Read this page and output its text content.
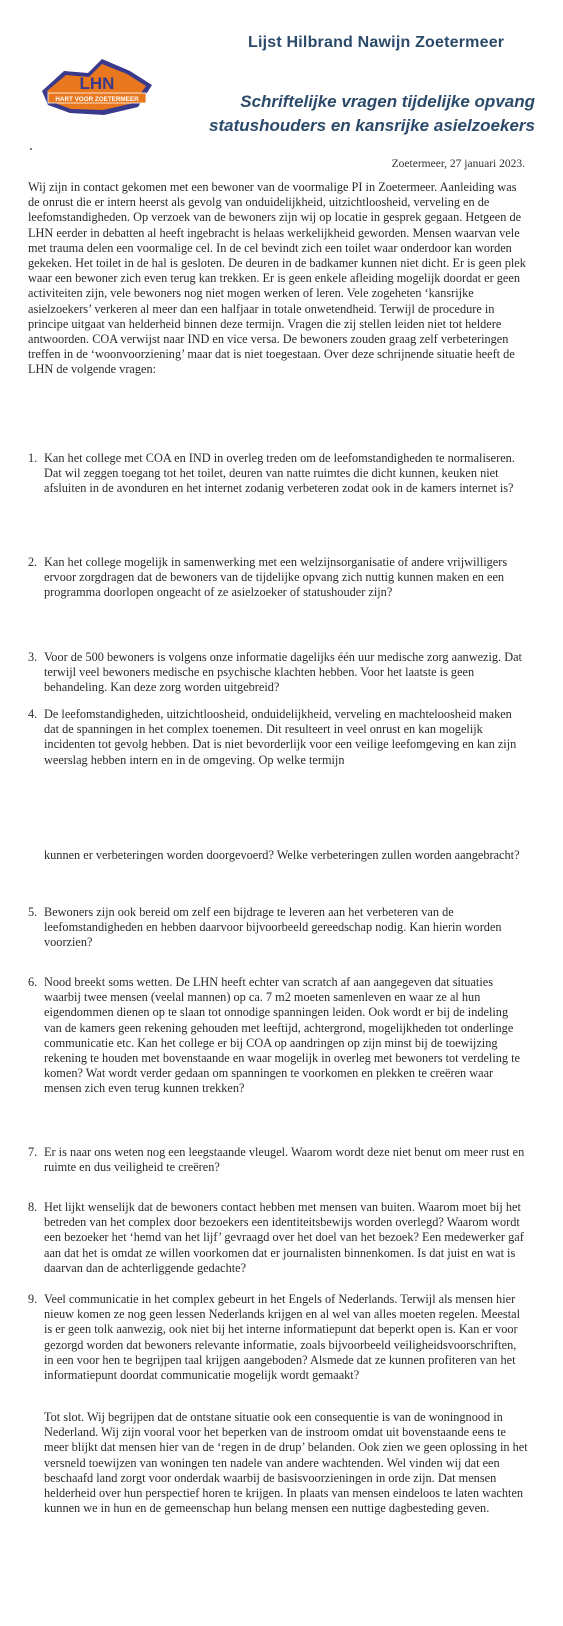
Lijst Hilbrand Nawijn Zoetermeer
LHN
HART VOOR ZOETERMEER	Schriftelijke vragen tijdelijke opvang
statushouders en kansrijke asielzoekers
Zoetermeer, 27 januari 2023.
Wij zijn in contact gekomen met een bewoner van de voormalige PI in Zoetermeer. Aanleiding was de onrust die er intern heerst als gevolg van onduidelijkheid, uitzichtloosheid, verveling en de leefomstandigheden. Op verzoek van de bewoners zijn wij op locatie in gesprek gegaan. Hetgeen de LHN eerder in debatten al heeft ingebracht is helaas werkelijkheid geworden. Mensen waarvan vele met trauma delen een voormalige cel. In de cel bevindt zich een toilet waar onderdoor kan worden gekeken. Het toilet in de hal is gesloten. De deuren in de badkamer kunnen niet dicht. Er is geen plek waar een bewoner zich even terug kan trekken. Er is geen enkele afleiding mogelijk doordat er geen activiteiten zijn, vele bewoners nog niet mogen werken of leren. Vele zogeheten ‘kansrijke asielzoekers’ verkeren al meer dan een halfjaar in totale onwetendheid. Terwijl de procedure in principe uitgaat van helderheid binnen deze termijn. Vragen die zij stellen leiden niet tot heldere antwoorden. COA verwijst naar IND en vice versa. De bewoners zouden graag zelf verbeteringen treffen in de ‘woonvoorziening’ maar dat is niet toegestaan. Over deze schrijnende situatie heeft de LHN de volgende vragen:
1. Kan het college met COA en IND in overleg treden om de leefomstandigheden te normaliseren. Dat wil zeggen toegang tot het toilet, deuren van natte ruimtes die dicht kunnen, keuken niet afsluiten in de avonduren en het internet zodanig verbeteren zodat ook in de kamers internet is?
2. Kan het college mogelijk in samenwerking met een welzijnsorganisatie of andere vrijwilligers ervoor zorgdragen dat de bewoners van de tijdelijke opvang zich nuttig kunnen maken en een programma doorlopen ongeacht of ze asielzoeker of statushouder zijn?
3. Voor de 500 bewoners is volgens onze informatie dagelijks één uur medische zorg aanwezig. Dat terwijl veel bewoners medische en psychische klachten hebben. Voor het laatste is geen behandeling. Kan deze zorg worden uitgebreid?
4. De leefomstandigheden, uitzichtloosheid, onduidelijkheid, verveling en machteloosheid maken dat de spanningen in het complex toenemen. Dit resulteert in veel onrust en kan mogelijk incidenten tot gevolg hebben. Dat is niet bevorderlijk voor een veilige leefomgeving en kan zijn weerslag hebben intern en in de omgeving. Op welke termijn
kunnen er verbeteringen worden doorgevoerd? Welke verbeteringen zullen worden aangebracht?
5. Bewoners zijn ook bereid om zelf een bijdrage te leveren aan het verbeteren van de leefomstandigheden en hebben daarvoor bijvoorbeeld gereedschap nodig. Kan hierin worden voorzien?
6. Nood breekt soms wetten. De LHN heeft echter van scratch af aan aangegeven dat situaties waarbij twee mensen (veelal mannen) op ca. 7 m2 moeten samenleven en waar ze al hun eigendommen dienen op te slaan tot onnodige spanningen leiden. Ook wordt er bij de indeling van de kamers geen rekening gehouden met leeftijd, achtergrond, mogelijkheden tot onderlinge communicatie etc. Kan het college er bij COA op aandringen op zijn minst bij de toewijzing rekening te houden met bovenstaande en waar mogelijk in overleg met bewoners tot verdeling te komen? Wat wordt verder gedaan om spanningen te voorkomen en plekken te creëren waar mensen zich even terug kunnen trekken?
7. Er is naar ons weten nog een leegstaande vleugel. Waarom wordt deze niet benut om meer rust en ruimte en dus veiligheid te creëren?
8. Het lijkt wenselijk dat de bewoners contact hebben met mensen van buiten. Waarom moet bij het betreden van het complex door bezoekers een identiteitsbewijs worden overlegd? Waarom wordt een bezoeker het ‘hemd van het lijf’ gevraagd over het doel van het bezoek? Een medewerker gaf aan dat het is omdat ze willen voorkomen dat er journalisten binnenkomen. Is dat juist en wat is daarvan dan de achterliggende gedachte?
9. Veel communicatie in het complex gebeurt in het Engels of Nederlands. Terwijl als mensen hier nieuw komen ze nog geen lessen Nederlands krijgen en al wel van alles moeten regelen. Meestal is er geen tolk aanwezig, ook niet bij het interne informatiepunt dat beperkt open is. Kan er voor gezorgd worden dat bewoners relevante informatie, zoals bijvoorbeeld veiligheidsvoorschriften, in een voor hen te begrijpen taal krijgen aangeboden? Alsmede dat ze kunnen profiteren van het informatiepunt doordat communicatie mogelijk wordt gemaakt?
Tot slot. Wij begrijpen dat de ontstane situatie ook een consequentie is van de woningnood in Nederland. Wij zijn vooral voor het beperken van de instroom omdat uit bovenstaande eens te meer blijkt dat mensen hier van de ‘regen in de drup’ belanden. Ook zien we geen oplossing in het versneld toewijzen van woningen ten nadele van andere wachtenden. Wel vinden wij dat een beschaafd land zorgt voor onderdak waarbij de basisvoorzieningen in orde zijn. Dat mensen helderheid over hun perspectief horen te krijgen. In plaats van mensen eindeloos te laten wachten kunnen we in hun en de gemeenschap hun belang mensen een nuttige dagbesteding geven.
